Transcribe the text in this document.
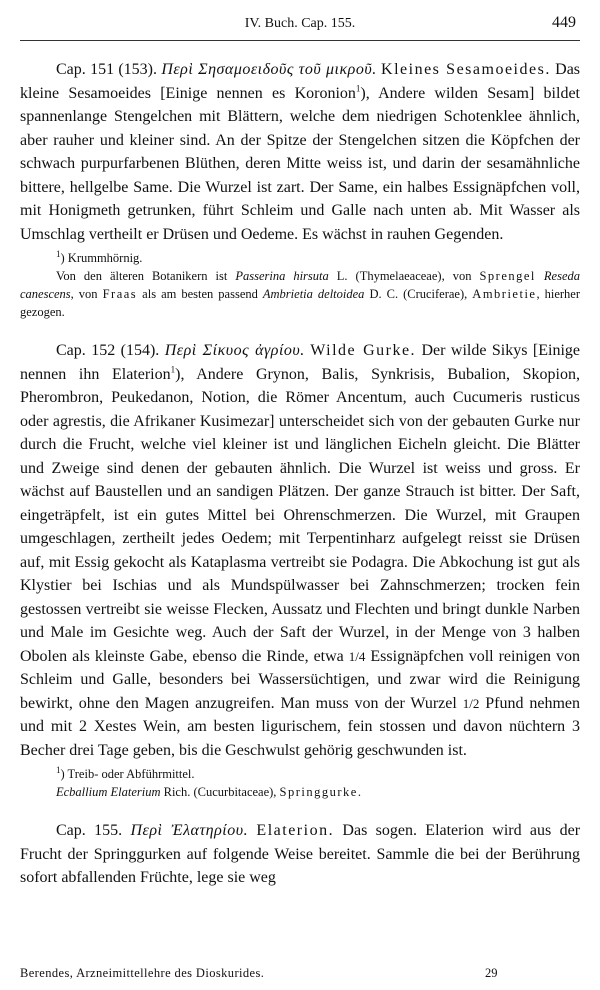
IV. Buch. Cap. 155.	449

Cap. 151 (153). Περὶ Σησαμοειδοῦς τοῦ μικροῦ. Kleines Sesamoeides. Das kleine Sesamoeides [Einige nennen es Koronion$^1$), Andere wilden Sesam] bildet spannenlange Stengelchen mit Blättern, welche dem niedrigen Schotenklee ähnlich, aber rauher und kleiner sind. An der Spitze der Stengelchen sitzen die Köpfchen der schwach purpurfarbenen Blüthen, deren Mitte weiss ist, und darin der sesamähnliche bittere, hellgelbe Same. Die Wurzel ist zart. Der Same, ein halbes Essignäpfchen voll, mit Honigmeth getrunken, führt Schleim und Galle nach unten ab. Mit Wasser als Umschlag vertheilt er Drüsen und Oedeme. Es wächst in rauhen Gegenden.

$^1$) Krummhörnig.

Von den älteren Botanikern ist Passerina hirsuta L. (Thymelaeaceae), von Sprengel Reseda canescens, von Fraas als am besten passend Ambrietia deltoidea D. C. (Cruciferae), Ambrietie, hierher gezogen.

Cap. 152 (154). Περὶ Σίκυος ἀγρίου. Wilde Gurke. Der wilde Sikys [Einige nennen ihn Elaterion$^1$), Andere Grynon, Balis, Synkrisis, Bubalion, Skopion, Pherombron, Peukedanon, Notion, die Römer Ancentum, auch Cucumeris rusticus oder agrestis, die Afrikaner Kusimezar] unterscheidet sich von der gebauten Gurke nur durch die Frucht, welche viel kleiner ist und länglichen Eicheln gleicht. Die Blätter und Zweige sind denen der gebauten ähnlich. Die Wurzel ist weiss und gross. Er wächst auf Baustellen und an sandigen Plätzen. Der ganze Strauch ist bitter. Der Saft, eingeträpfelt, ist ein gutes Mittel bei Ohrenschmerzen. Die Wurzel, mit Graupen umgeschlagen, zertheilt jedes Oedem; mit Terpentinharz aufgelegt reisst sie Drüsen auf, mit Essig gekocht als Kataplasma vertreibt sie Podagra. Die Abkochung ist gut als Klystier bei Ischias und als Mundspülwasser bei Zahnschmerzen; trocken fein gestossen vertreibt sie weisse Flecken, Aussatz und Flechten und bringt dunkle Narben und Male im Gesichte weg. Auch der Saft der Wurzel, in der Menge von 3 halben Obolen als kleinste Gabe, ebenso die Rinde, etwa 1/4 Essignäpfchen voll reinigen von Schleim und Galle, besonders bei Wassersüchtigen, und zwar wird die Reinigung bewirkt, ohne den Magen anzugreifen. Man muss von der Wurzel 1/2 Pfund nehmen und mit 2 Xestes Wein, am besten ligurischem, fein stossen und davon nüchtern 3 Becher drei Tage geben, bis die Geschwulst gehörig geschwunden ist.

$^1$) Treib- oder Abführmittel.

Ecballium Elaterium Rich. (Cucurbitaceae), Springgurke.

Cap. 155. Περὶ Ἐλατηρίου. Elaterion. Das sogen. Elaterion wird aus der Frucht der Springgurken auf folgende Weise bereitet. Sammle die bei der Berührung sofort abfallenden Früchte, lege sie weg

Berendes, Arzneimittellehre des Dioskurides.	29
